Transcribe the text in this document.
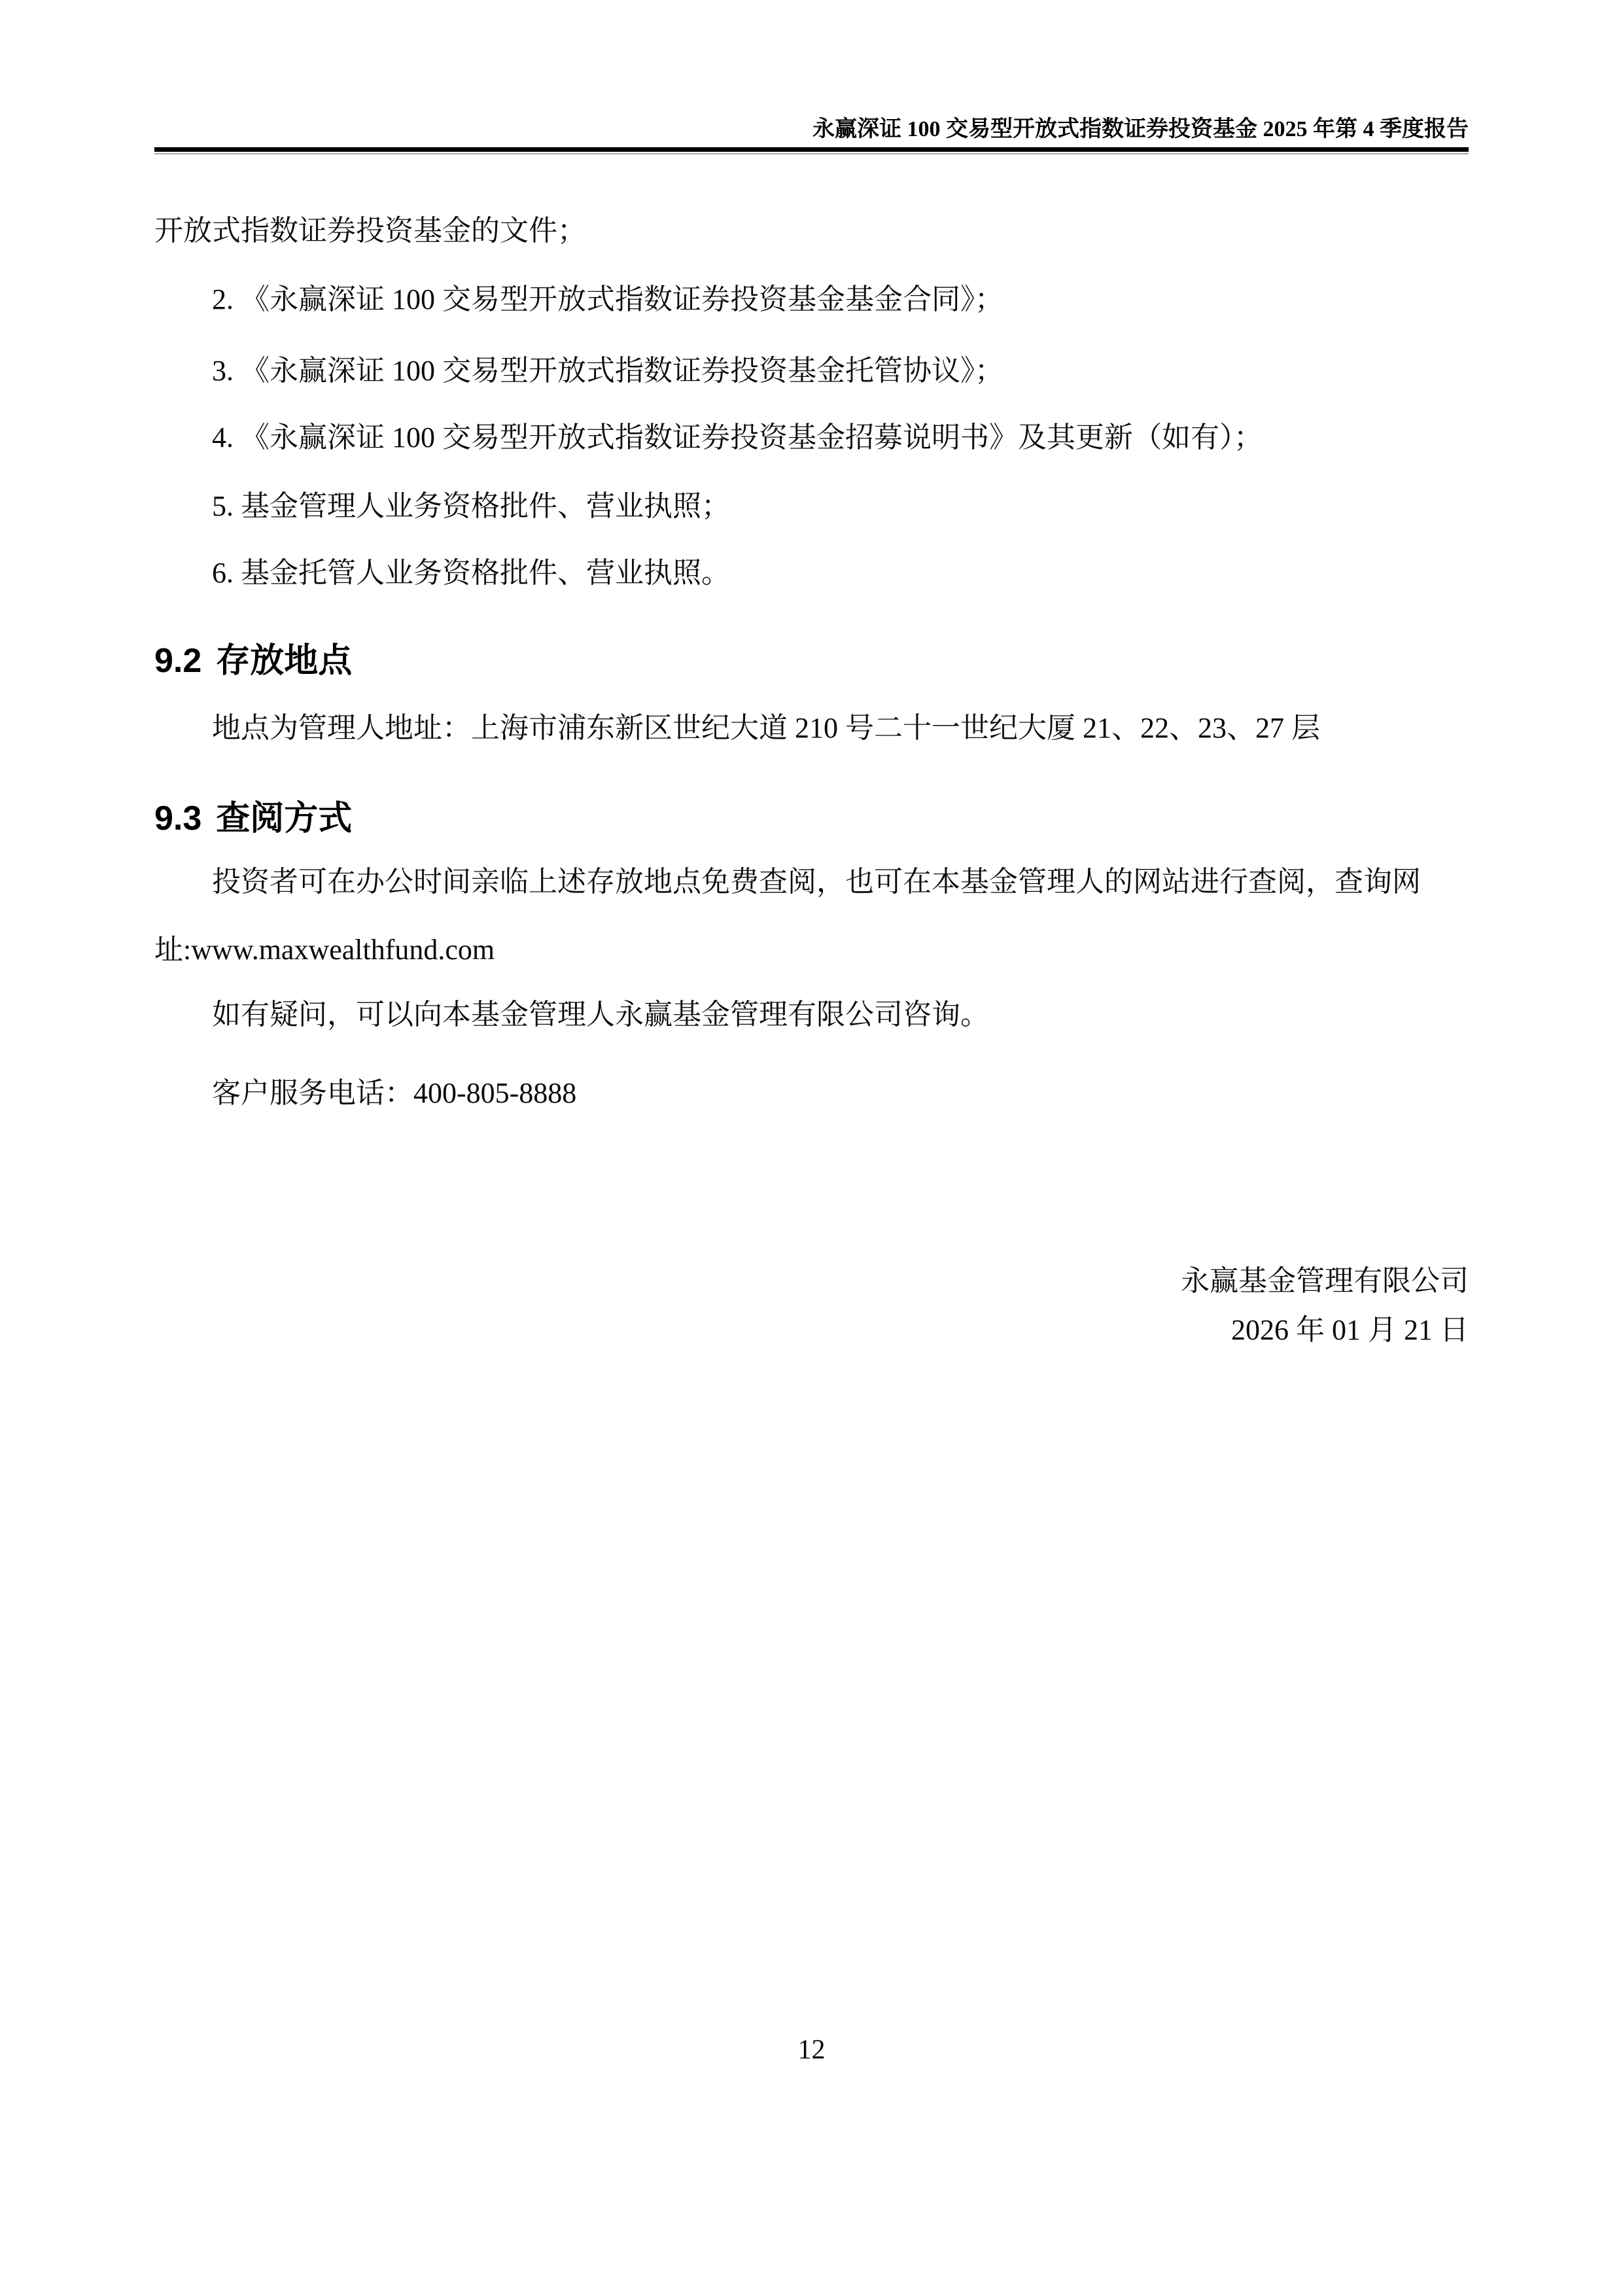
永赢深证 100 交易型开放式指数证券投资基金 2025 年第 4 季度报告
开放式指数证券投资基金的文件；
2. 《永赢深证 100 交易型开放式指数证券投资基金基金合同》；
3. 《永赢深证 100 交易型开放式指数证券投资基金托管协议》；
4. 《永赢深证 100 交易型开放式指数证券投资基金招募说明书》及其更新（如有）；
5. 基金管理人业务资格批件、营业执照；
6. 基金托管人业务资格批件、营业执照。
9.2 存放地点
地点为管理人地址：上海市浦东新区世纪大道 210 号二十一世纪大厦 21、22、23、27 层
9.3 查阅方式
投资者可在办公时间亲临上述存放地点免费查阅，也可在本基金管理人的网站进行查阅，查询网
址:www.maxwealthfund.com
如有疑问，可以向本基金管理人永赢基金管理有限公司咨询。
客户服务电话：400-805-8888
永赢基金管理有限公司
2026 年 01 月 21 日
12
